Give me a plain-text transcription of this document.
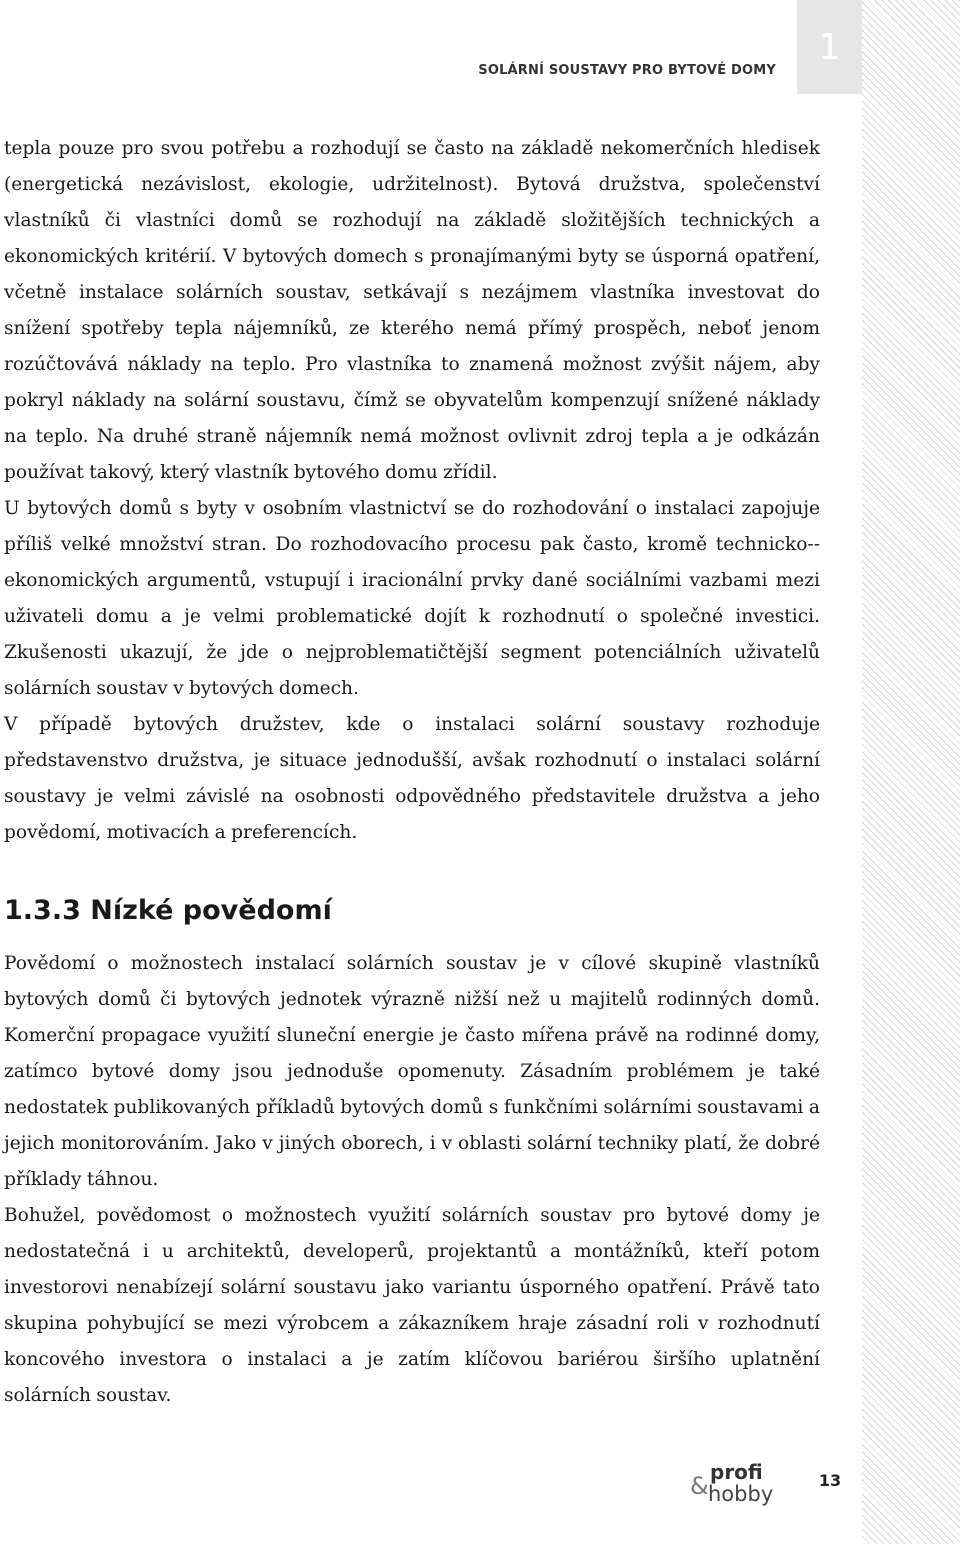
1
SOLÁRNÍ SOUSTAVY PRO BYTOVÉ DOMY

tepla pouze pro svou potřebu a rozhodují se často na základě nekomerčních hledisek (energetická nezávislost, ekologie, udržitelnost). Bytová družstva, společenství vlastníků či vlastníci domů se rozhodují na základě složitějších technických a ekonomických kritérií. V bytových domech s pronajímanými byty se úsporná opatření, včetně instalace solárních soustav, setkávají s nezájmem vlastníka investovat do snížení spotřeby tepla nájemníků, ze kterého nemá přímý prospěch, neboť jenom rozúčtovává náklady na teplo. Pro vlastníka to znamená možnost zvýšit nájem, aby pokryl náklady na solární soustavu, čímž se obyvatelům kompenzují snížené náklady na teplo. Na druhé straně nájemník nemá možnost ovlivnit zdroj tepla a je odkázán používat takový, který vlastník bytového domu zřídil.

U bytových domů s byty v osobním vlastnictví se do rozhodování o instalaci zapojuje příliš velké množství stran. Do rozhodovacího procesu pak často, kromě technicko--ekonomických argumentů, vstupují i iracionální prvky dané sociálními vazbami mezi uživateli domu a je velmi problematické dojít k rozhodnutí o společné investici. Zkušenosti ukazují, že jde o nejproblematičtější segment potenciálních uživatelů solárních soustav v bytových domech.

V případě bytových družstev, kde o instalaci solární soustavy rozhoduje představenstvo družstva, je situace jednodušší, avšak rozhodnutí o instalaci solární soustavy je velmi závislé na osobnosti odpovědného představitele družstva a jeho povědomí, motivacích a preferencích.

1.3.3 Nízké povědomí

Povědomí o možnostech instalací solárních soustav je v cílové skupině vlastníků bytových domů či bytových jednotek výrazně nižší než u majitelů rodinných domů. Komerční propagace využití sluneční energie je často mířena právě na rodinné domy, zatímco bytové domy jsou jednoduše opomenuty. Zásadním problémem je také nedostatek publikovaných příkladů bytových domů s funkčními solárními soustavami a jejich monitorováním. Jako v jiných oborech, i v oblasti solární techniky platí, že dobré příklady táhnou.

Bohužel, povědomost o možnostech využití solárních soustav pro bytové domy je nedostatečná i u architektů, developerů, projektantů a montážníků, kteří potom investorovi nenabízejí solární soustavu jako variantu úsporného opatření. Právě tato skupina pohybující se mezi výrobcem a zákazníkem hraje zásadní roli v rozhodnutí koncového investora o instalaci a je zatím klíčovou bariérou širšího uplatnění solárních soustav.

& profi
hobby
13
